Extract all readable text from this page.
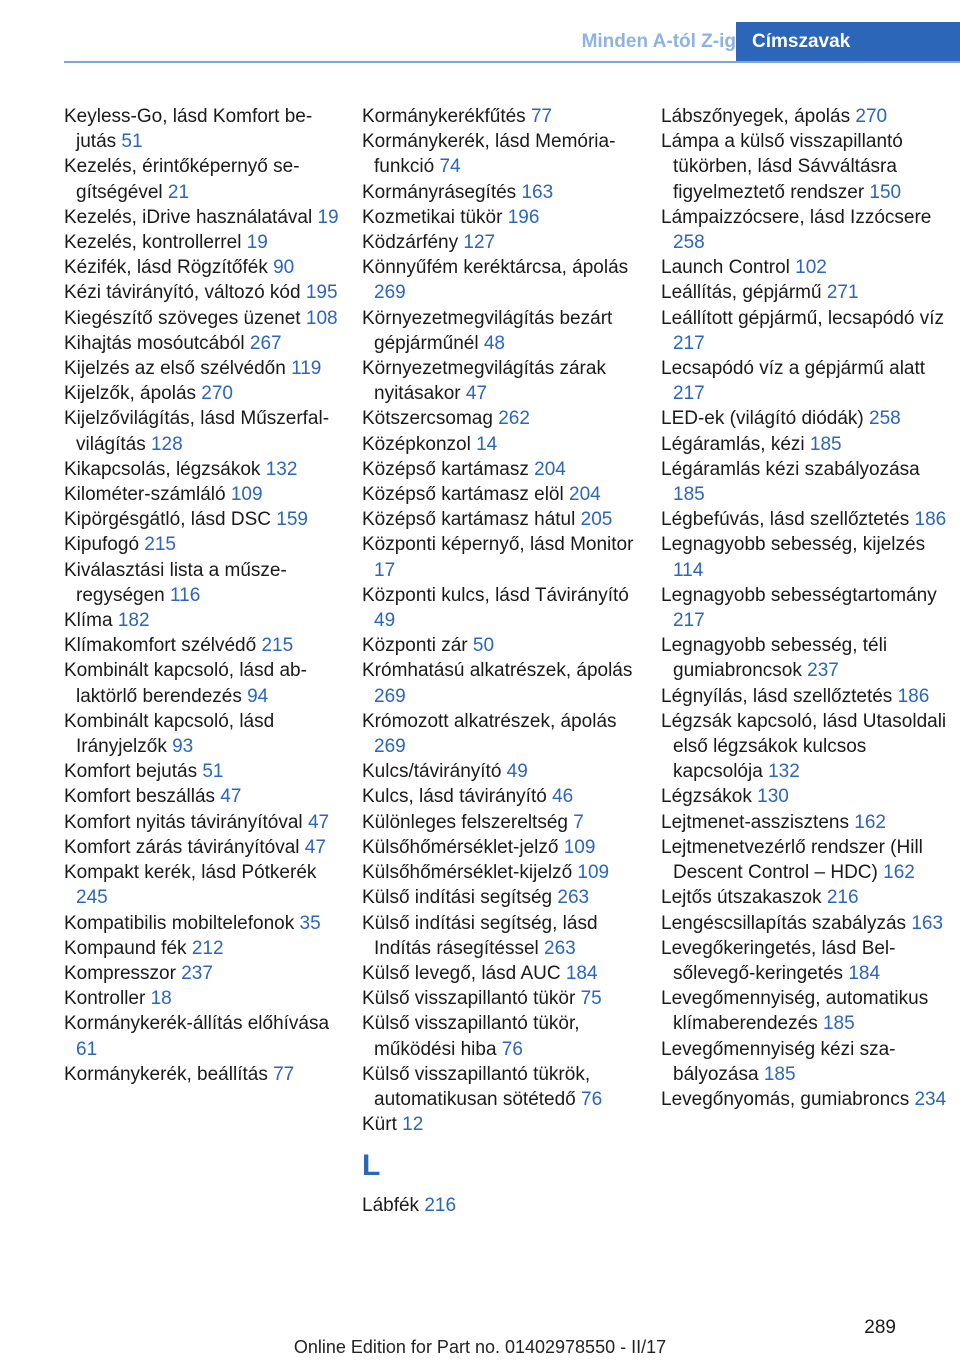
Minden A-tól Z-ig Címszavak
Keyless-Go, lásd Komfort bejutás 51
Kezelés, érintőképernyő segítségével 21
Kezelés, iDrive használatával 19
Kezelés, kontrollerrel 19
Kézifék, lásd Rögzítőfék 90
Kézi távirányító, változó kód 195
Kiegészítő szöveges üzenet 108
Kihajtás mosóutcából 267
Kijelzés az első szélvédőn 119
Kijelzők, ápolás 270
Kijelzővilágítás, lásd Műszerfal-világítás 128
Kikapcsolás, légzsákok 132
Kilométer-számláló 109
Kipörgésgátló, lásd DSC 159
Kipufogó 215
Kiválasztási lista a műszeregységen 116
Klíma 182
Klímakomfort szélvédő 215
Kombinált kapcsoló, lásd ablaktörlő berendezés 94
Kombinált kapcsoló, lásd Irányjelzők 93
Komfort bejutás 51
Komfort beszállás 47
Komfort nyitás távirányítóval 47
Komfort zárás távirányítóval 47
Kompakt kerék, lásd Pótkerék 245
Kompatibilis mobiltelefonok 35
Kompaund fék 212
Kompresszor 237
Kontroller 18
Kormánykerék-állítás előhívása 61
Kormánykerék, beállítás 77
Kormánykerékfűtés 77
Kormánykerék, lásd Memóriafunkció 74
Kormányrásegítés 163
Kozmetikai tükör 196
Ködzárfény 127
Könnyűfém keréktárcsa, ápolás 269
Környezetmegvilágítás bezárt gépjárműnél 48
Környezetmegvilágítás zárak nyitásakor 47
Kötszercsomag 262
Középkonzol 14
Középső kartámasz 204
Középső kartámasz elöl 204
Középső kartámasz hátul 205
Központi képernyő, lásd Monitor 17
Központi kulcs, lásd Távirányító 49
Központi zár 50
Krómhatású alkatrészek, ápolás 269
Krómozott alkatrészek, ápolás 269
Kulcs/távirányító 49
Kulcs, lásd távirányító 46
Különleges felszereltség 7
Külsőhőmérséklet-jelző 109
Külsőhőmérséklet-kijelző 109
Külső indítási segítség 263
Külső indítási segítség, lásd Indítás rásegítéssel 263
Külső levegő, lásd AUC 184
Külső visszapillantó tükör 75
Külső visszapillantó tükör, működési hiba 76
Külső visszapillantó tükrök, automatikusan sötétedő 76
Kürt 12
L
Lábfék 216
Lábszőnyegek, ápolás 270
Lámpa a külső visszapillantó tükörben, lásd Sávváltásra figyelmeztető rendszer 150
Lámpaizzócsere, lásd Izzócsere 258
Launch Control 102
Leállítás, gépjármű 271
Leállított gépjármű, lecsapódó víz 217
Lecsapódó víz a gépjármű alatt 217
LED-ek (világító diódák) 258
Légáramlás, kézi 185
Légáramlás kézi szabályozása 185
Légbefúvás, lásd szellőztetés 186
Legnagyobb sebesség, kijelzés 114
Legnagyobb sebességtartomány 217
Legnagyobb sebesség, téli gumiabroncsok 237
Légnyílás, lásd szellőztetés 186
Légzsák kapcsoló, lásd Utasoldali első légzsákok kulcsos kapcsolója 132
Légzsákok 130
Lejtmenet-asszisztens 162
Lejtmenetvezérlő rendszer (Hill Descent Control – HDC) 162
Lejtős útszakaszok 216
Lengéscsillapítás szabályzás 163
Levegőkeringetés, lásd Belsőlevegő-keringetés 184
Levegőmennyiség, automatikus klímaberendezés 185
Levegőmennyiség kézi szabályozása 185
Levegőnyomás, gumiabroncs 234
289
Online Edition for Part no. 01402978550 - II/17
